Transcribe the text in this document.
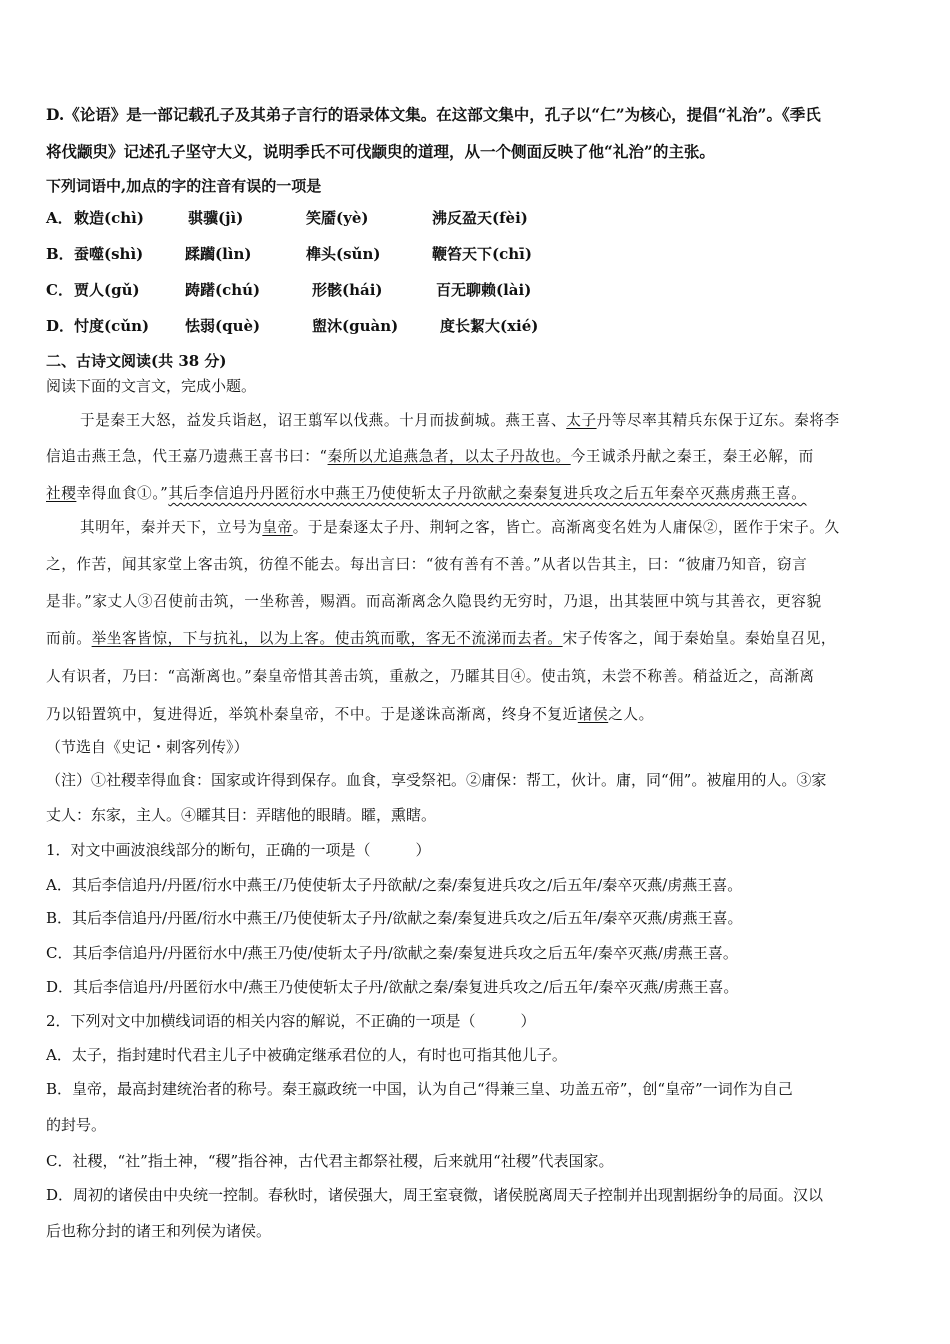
D.《论语》是一部记载孔子及其弟子言行的语录体文集。在这部文集中，孔子以“仁”为核心，提倡“礼治”。《季氏
将伐颛臾》记述孔子坚守大义，说明季氏不可伐颛臾的道理，从一个侧面反映了他“礼治”的主张。
下列词语中,加点的字的注音有误的一项是
A． 敕造(chì)	骐骥(jì)	笑靥(yè)	沸反盈天(fèi)
B． 蚕噬(shì)	蹂躏(lìn)	榫头(sǔn)	鞭笞天下(chī)
C． 贾人(gǔ)	踌躇(chú)	形骸(hái)	百无聊赖(lài)
D． 忖度(cǔn) 怯弱(què)	盥沐(guàn)	度长絜大(xié)
二、古诗文阅读(共 38 分)
阅读下面的文言文，完成小题。
于是秦王大怒，益发兵诣赵，诏王翦军以伐燕。十月而拔蓟城。燕王喜、太子丹等尽率其精兵东保于辽东。秦将李
信追击燕王急，代王嘉乃遗燕王喜书曰：“秦所以尤追燕急者，以太子丹故也。今王诚杀丹献之秦王，秦王必解，而
社稷幸得血食①。”其后李信追丹丹匿衍水中燕王乃使使斩太子丹欲献之秦秦复进兵攻之后五年秦卒灭燕虏燕王喜。
其明年，秦并天下，立号为皇帝。于是秦逐太子丹、荆轲之客，皆亡。高渐离变名姓为人庸保②，匿作于宋子。久
之，作苦，闻其家堂上客击筑，彷徨不能去。每出言曰：“彼有善有不善。”从者以告其主，曰：“彼庸乃知音，窃言
是非。”家丈人③召使前击筑，一坐称善，赐酒。而高渐离念久隐畏约无穷时，乃退，出其装匣中筑与其善衣，更容貌
而前。举坐客皆惊，下与抗礼，以为上客。使击筑而歌，客无不流涕而去者。宋子传客之，闻于秦始皇。秦始皇召见，
人有识者，乃曰：“高渐离也。”秦皇帝惜其善击筑，重赦之，乃矐其目④。使击筑，未尝不称善。稍益近之，高渐离
乃以铅置筑中，复进得近，举筑朴秦皇帝，不中。于是遂诛高渐离，终身不复近诸侯之人。
（节选自《史记・刺客列传》）
（注）①社稷幸得血食：国家或许得到保存。血食，享受祭祀。②庸保：帮工，伙计。庸，同“佣”。被雇用的人。③家
丈人：东家，主人。④矐其目：弄瞎他的眼睛。矐，熏瞎。
1．对文中画波浪线部分的断句，正确的一项是（　　　）
A．其后李信追丹/丹匿/衍水中燕王/乃使使斩太子丹欲献/之秦/秦复进兵攻之/后五年/秦卒灭燕/虏燕王喜。
B．其后李信追丹/丹匿/衍水中燕王/乃使使斩太子丹/欲献之秦/秦复进兵攻之/后五年/秦卒灭燕/虏燕王喜。
C．其后李信追丹/丹匿衍水中/燕王乃使/使斩太子丹/欲献之秦/秦复进兵攻之后五年/秦卒灭燕/虏燕王喜。
D．其后李信追丹/丹匿衍水中/燕王乃使使斩太子丹/欲献之秦/秦复进兵攻之/后五年/秦卒灭燕/虏燕王喜。
2．下列对文中加横线词语的相关内容的解说，不正确的一项是（　　　）
A．太子，指封建时代君主儿子中被确定继承君位的人，有时也可指其他儿子。
B．皇帝，最高封建统治者的称号。秦王嬴政统一中国，认为自己“得兼三皇、功盖五帝”，创“皇帝”一词作为自己
的封号。
C．社稷，“社”指土神，“稷”指谷神，古代君主都祭社稷，后来就用“社稷”代表国家。
D．周初的诸侯由中央统一控制。春秋时，诸侯强大，周王室衰微，诸侯脱离周天子控制并出现割据纷争的局面。汉以
后也称分封的诸王和列侯为诸侯。
